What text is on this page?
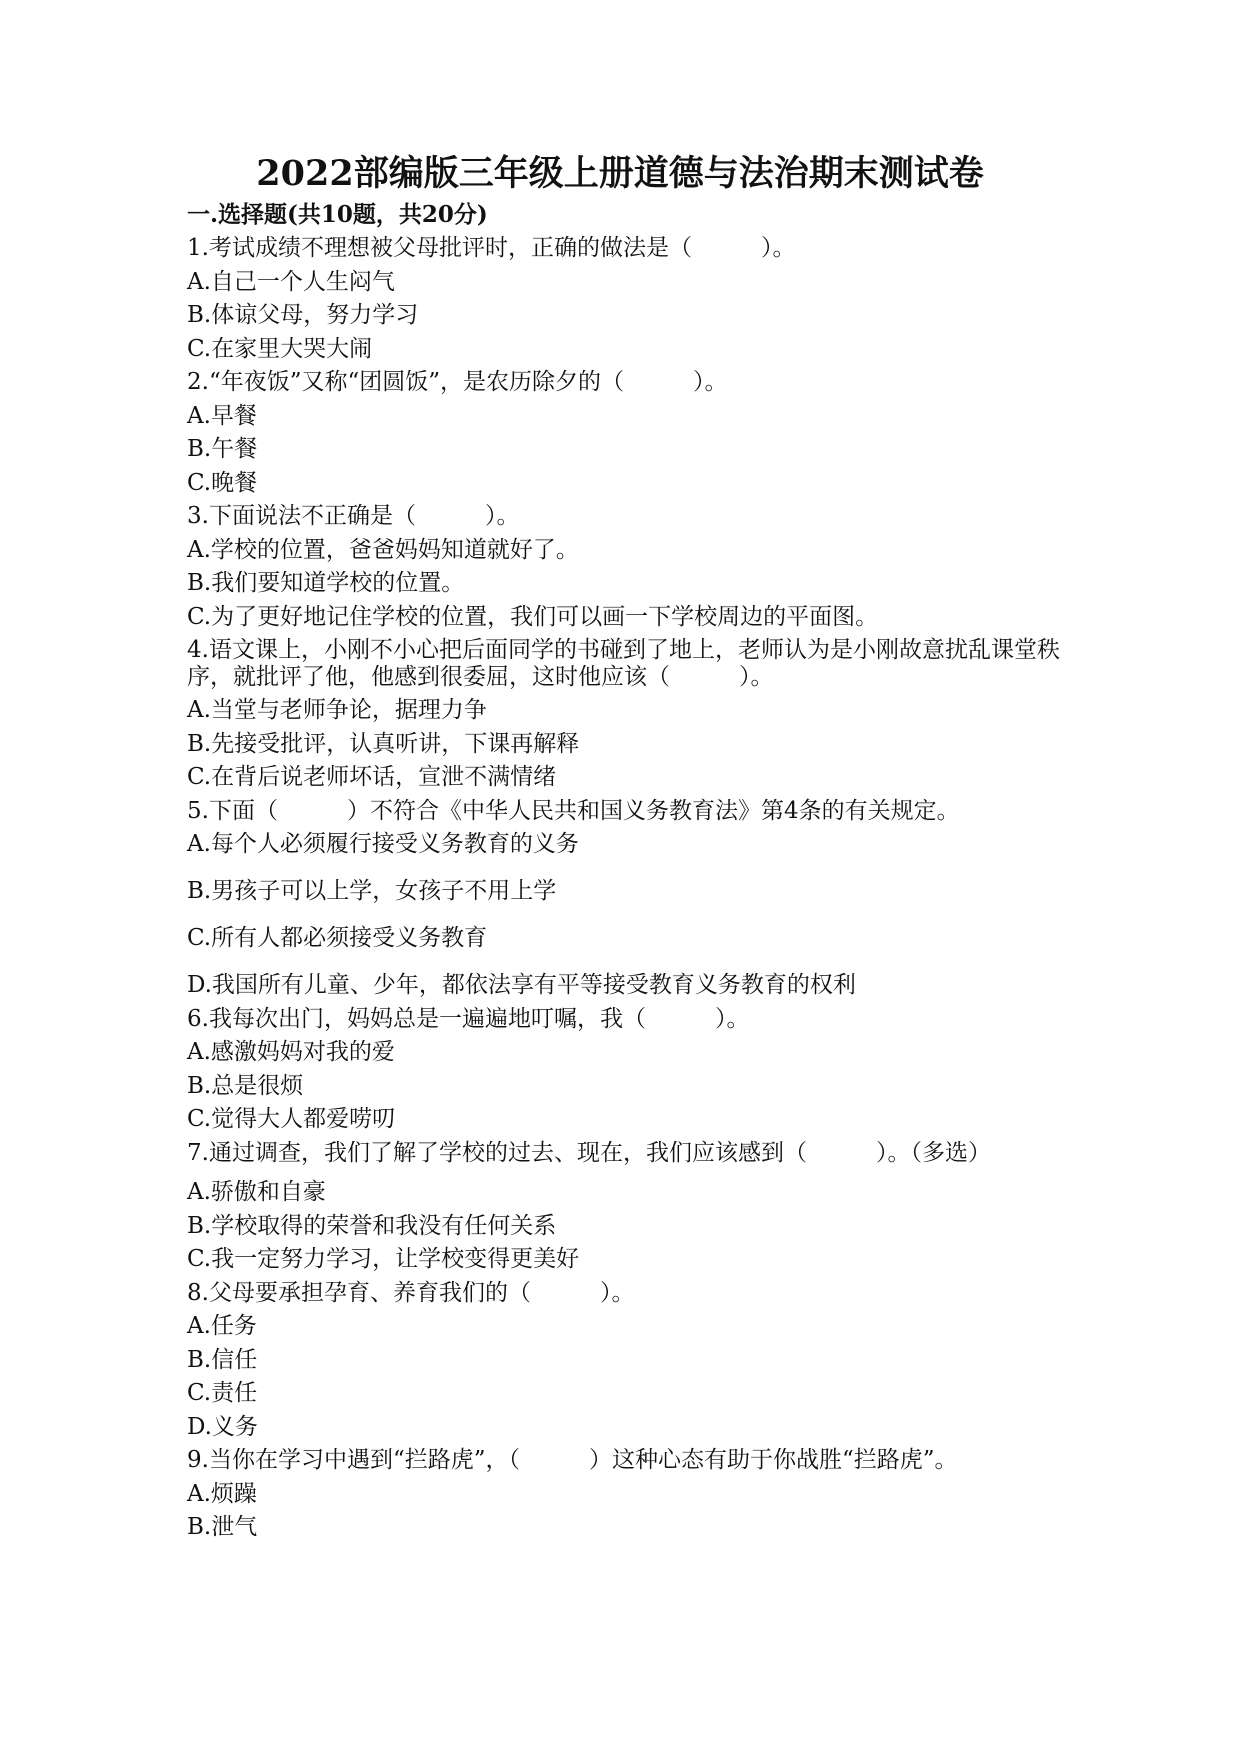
2022部编版三年级上册道德与法治期末测试卷
一.选择题(共10题，共20分)
1.考试成绩不理想被父母批评时，正确的做法是（　　　）。
A.自己一个人生闷气
B.体谅父母，努力学习
C.在家里大哭大闹
2.“年夜饭”又称“团圆饭”，是农历除夕的（　　　）。
A.早餐
B.午餐
C.晚餐
3.下面说法不正确是（　　　）。
A.学校的位置，爸爸妈妈知道就好了。
B.我们要知道学校的位置。
C.为了更好地记住学校的位置，我们可以画一下学校周边的平面图。
4.语文课上，小刚不小心把后面同学的书碰到了地上，老师认为是小刚故意扰乱课堂秩序，就批评了他，他感到很委屈，这时他应该（　　　）。
A.当堂与老师争论，据理力争
B.先接受批评，认真听讲，下课再解释
C.在背后说老师坏话，宣泄不满情绪
5.下面（　　　）不符合《中华人民共和国义务教育法》第4条的有关规定。
A.每个人必须履行接受义务教育的义务
B.男孩子可以上学，女孩子不用上学
C.所有人都必须接受义务教育
D.我国所有儿童、少年，都依法享有平等接受教育义务教育的权利
6.我每次出门，妈妈总是一遍遍地叮嘱，我（　　　）。
A.感激妈妈对我的爱
B.总是很烦
C.觉得大人都爱唠叨
7.通过调查，我们了解了学校的过去、现在，我们应该感到（　　　）。（多选）
A.骄傲和自豪
B.学校取得的荣誉和我没有任何关系
C.我一定努力学习，让学校变得更美好
8.父母要承担孕育、养育我们的（　　　）。
A.任务
B.信任
C.责任
D.义务
9.当你在学习中遇到“拦路虎”，（　　　）这种心态有助于你战胜“拦路虎”。
A.烦躁
B.泄气
